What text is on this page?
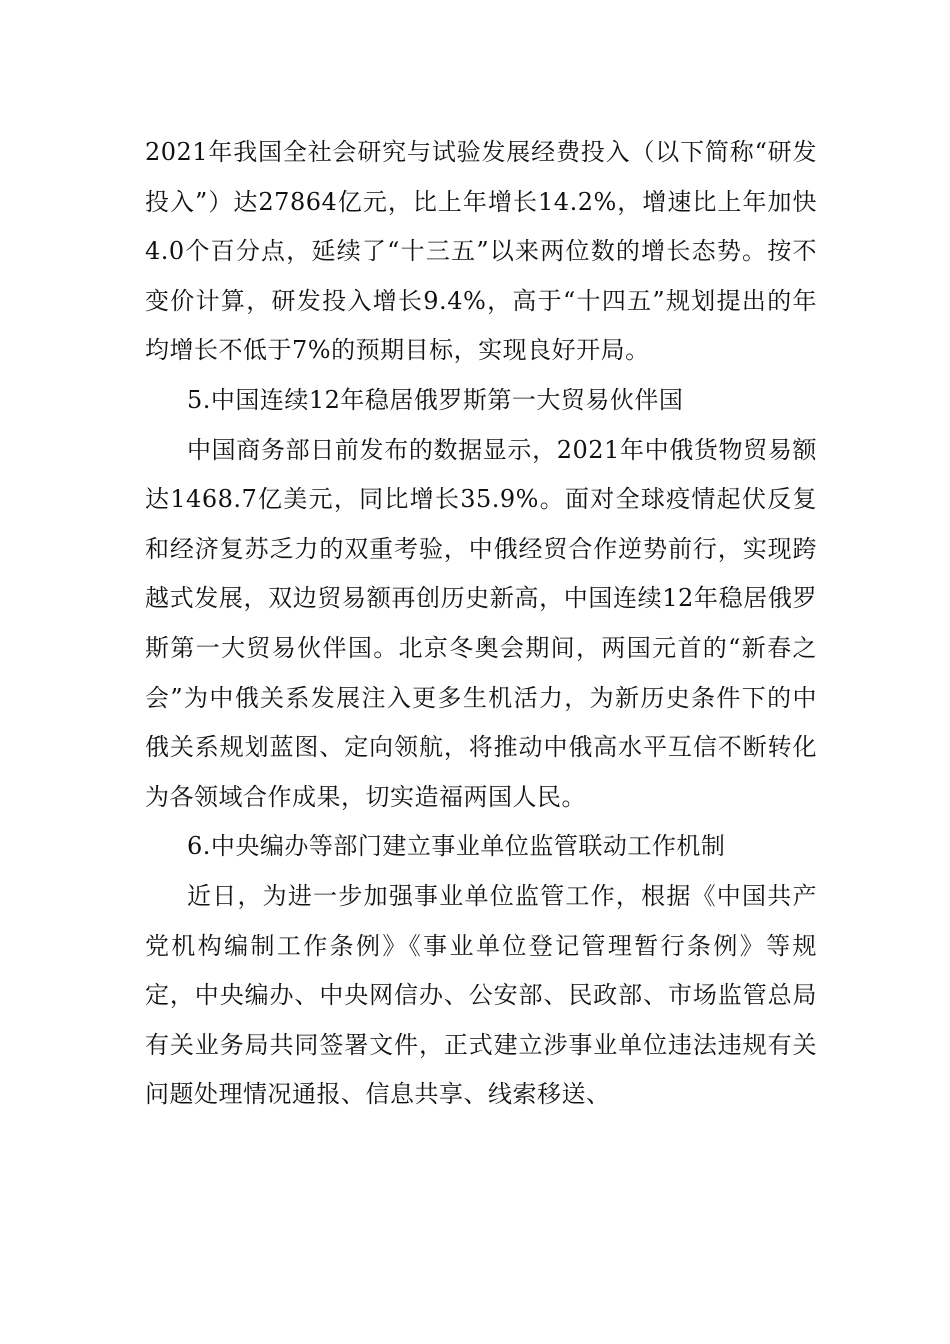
2021年我国全社会研究与试验发展经费投入（以下简称“研发投入”）达27864亿元，比上年增长14.2%，增速比上年加快4.0个百分点，延续了“十三五”以来两位数的增长态势。按不变价计算，研发投入增长9.4%，高于“十四五”规划提出的年均增长不低于7%的预期目标，实现良好开局。

5.中国连续12年稳居俄罗斯第一大贸易伙伴国

中国商务部日前发布的数据显示，2021年中俄货物贸易额达1468.7亿美元，同比增长35.9%。面对全球疫情起伏反复和经济复苏乏力的双重考验，中俄经贸合作逆势前行，实现跨越式发展，双边贸易额再创历史新高，中国连续12年稳居俄罗斯第一大贸易伙伴国。北京冬奥会期间，两国元首的“新春之会”为中俄关系发展注入更多生机活力，为新历史条件下的中俄关系规划蓝图、定向领航，将推动中俄高水平互信不断转化为各领域合作成果，切实造福两国人民。

6.中央编办等部门建立事业单位监管联动工作机制

近日，为进一步加强事业单位监管工作，根据《中国共产党机构编制工作条例》《事业单位登记管理暂行条例》等规定，中央编办、中央网信办、公安部、民政部、市场监管总局有关业务局共同签署文件，正式建立涉事业单位违法违规有关问题处理情况通报、信息共享、线索移送、
